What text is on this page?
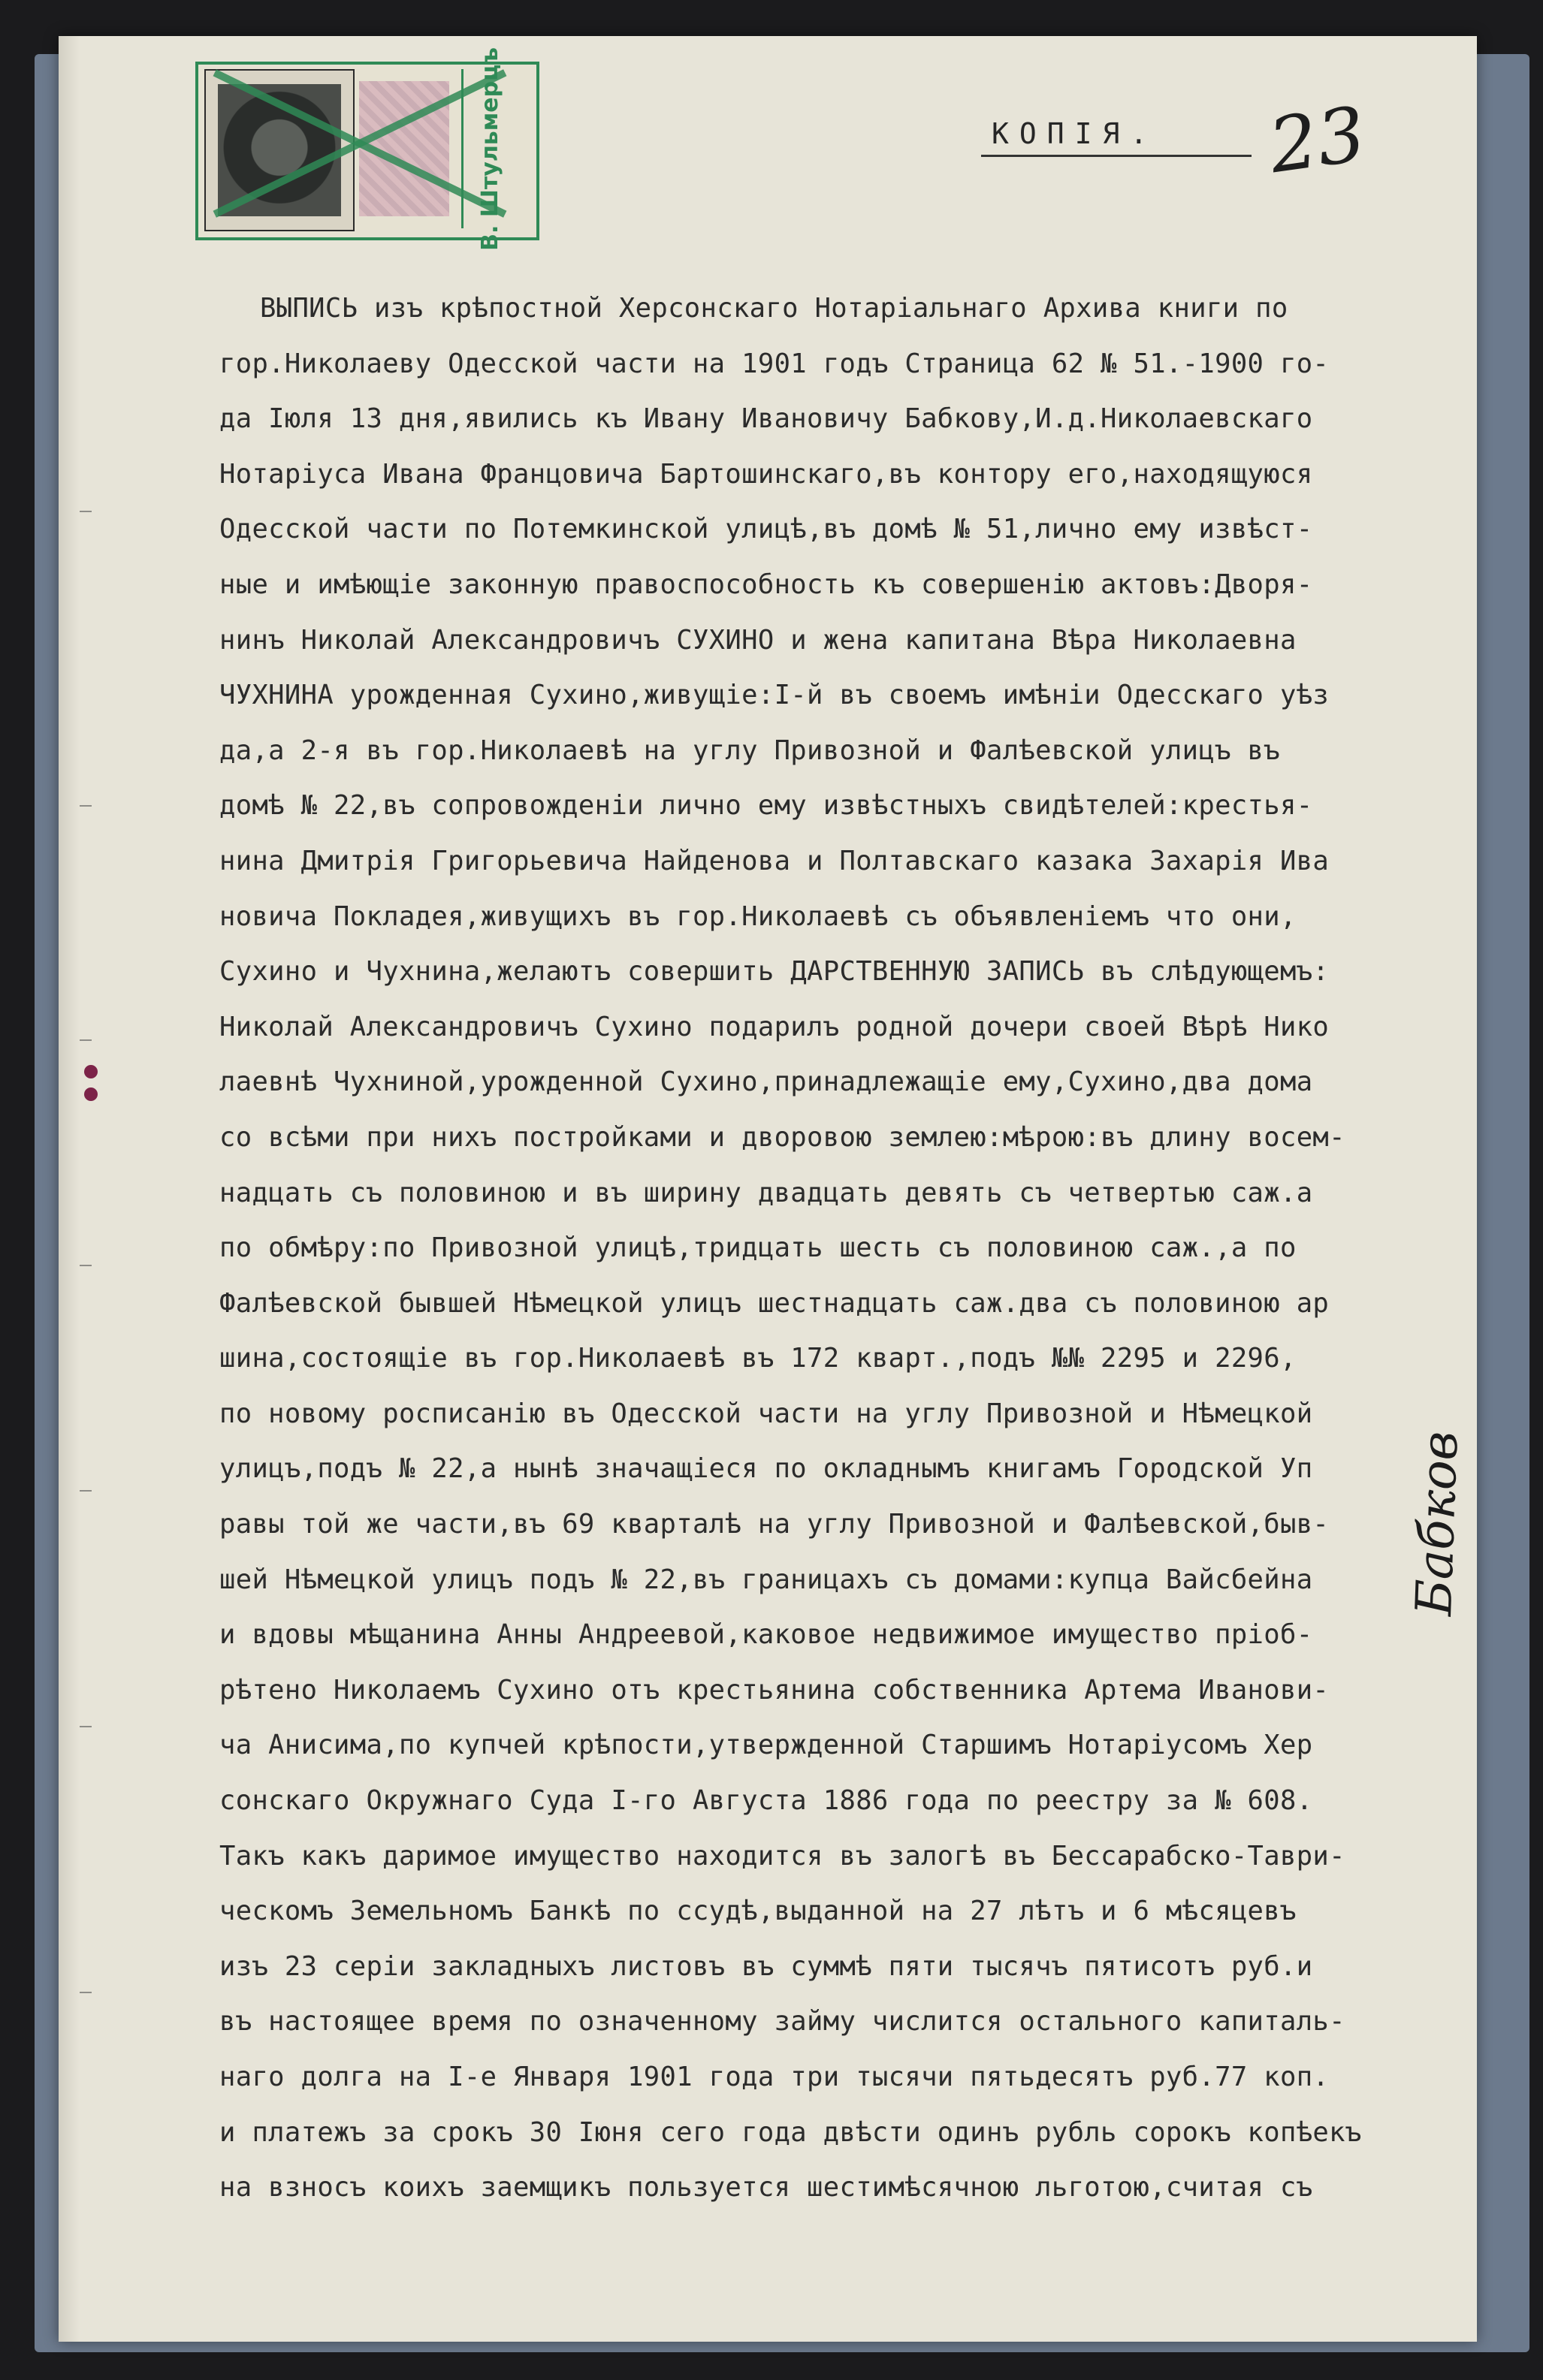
В. Штульмерцъ	КОПІЯ. 23
ВЫПИСЬ изъ крѣпостной Херсонскаго Нотаріальнаго Архива книги по
гор.Николаеву Одесской части на 1901 годъ Страница 62 № 51.-1900 го-
да Іюля 13 дня,явились къ Ивану Ивановичу Бабкову,И.д.Николаевскаго
Нотаріуса Ивана Францовича Бартошинскаго,въ контору его,находящуюся
Одесской части по Потемкинской улицѣ,въ домѣ № 51,лично ему извѣст-
ные и имѣющіе законную правоспособность къ совершенію актовъ:Дворя-
нинъ Николай Александровичъ СУХИНО и жена капитана Вѣра Николаевна
ЧУХНИНА урожденная Сухино,живущіе:І-й въ своемъ имѣніи Одесскаго уѣз
да,а 2-я въ гор.Николаевѣ на углу Привозной и Фалѣевской улицъ въ
домѣ № 22,въ сопровожденіи лично ему извѣстныхъ свидѣтелей:крестья-
нина Дмитрія Григорьевича Найденова и Полтавскаго казака Захарія Ива
новича Покладея,живущихъ въ гор.Николаевѣ съ объявленіемъ что они,
Сухино и Чухнина,желаютъ совершить ДАРСТВЕННУЮ ЗАПИСЬ въ слѣдующемъ:
Николай Александровичъ Сухино подарилъ родной дочери своей Вѣрѣ Нико
лаевнѣ Чухниной,урожденной Сухино,принадлежащіе ему,Сухино,два дома
со всѣми при нихъ постройками и дворовою землею:мѣрою:въ длину восем-
надцать съ половиною и въ ширину двадцать девять съ четвертью саж.а
по обмѣру:по Привозной улицѣ,тридцать шесть съ половиною саж.,а по
Фалѣевской бывшей Нѣмецкой улицъ шестнадцать саж.два съ половиною ар
шина,состоящіе въ гор.Николаевѣ въ 172 кварт.,подъ №№ 2295 и 2296,
по новому росписанію въ Одесской части на углу Привозной и Нѣмецкой
улицъ,подъ № 22,а нынѣ значащіеся по окладнымъ книгамъ Городской Уп
равы той же части,въ 69 кварталѣ на углу Привозной и Фалѣевской,быв-
шей Нѣмецкой улицъ подъ № 22,въ границахъ съ домами:купца Вайсбейна
и вдовы мѣщанина Анны Андреевой,каковое недвижимое имущество пріоб-
рѣтено Николаемъ Сухино отъ крестьянина собственника Артема Иванови-
ча Анисима,по купчей крѣпости,утвержденной Старшимъ Нотаріусомъ Хер
сонскаго Окружнаго Суда І-го Августа 1886 года по реестру за № 608.
Такъ какъ даримое имущество находится въ залогѣ въ Бессарабско-Таври-
ческомъ Земельномъ Банкѣ по ссудѣ,выданной на 27 лѣтъ и 6 мѣсяцевъ
изъ 23 серіи закладныхъ листовъ въ суммѣ пяти тысячъ пятисотъ руб.и
въ настоящее время по означенному займу числится остального капиталь-
наго долга на І-е Января 1901 года три тысячи пятьдесятъ руб.77 коп.
и платежъ за срокъ 30 Іюня сего года двѣсти одинъ рубль сорокъ копѣекъ
на взносъ коихъ заемщикъ пользуется шестимѣсячною льготою,считая съ
Бабков
